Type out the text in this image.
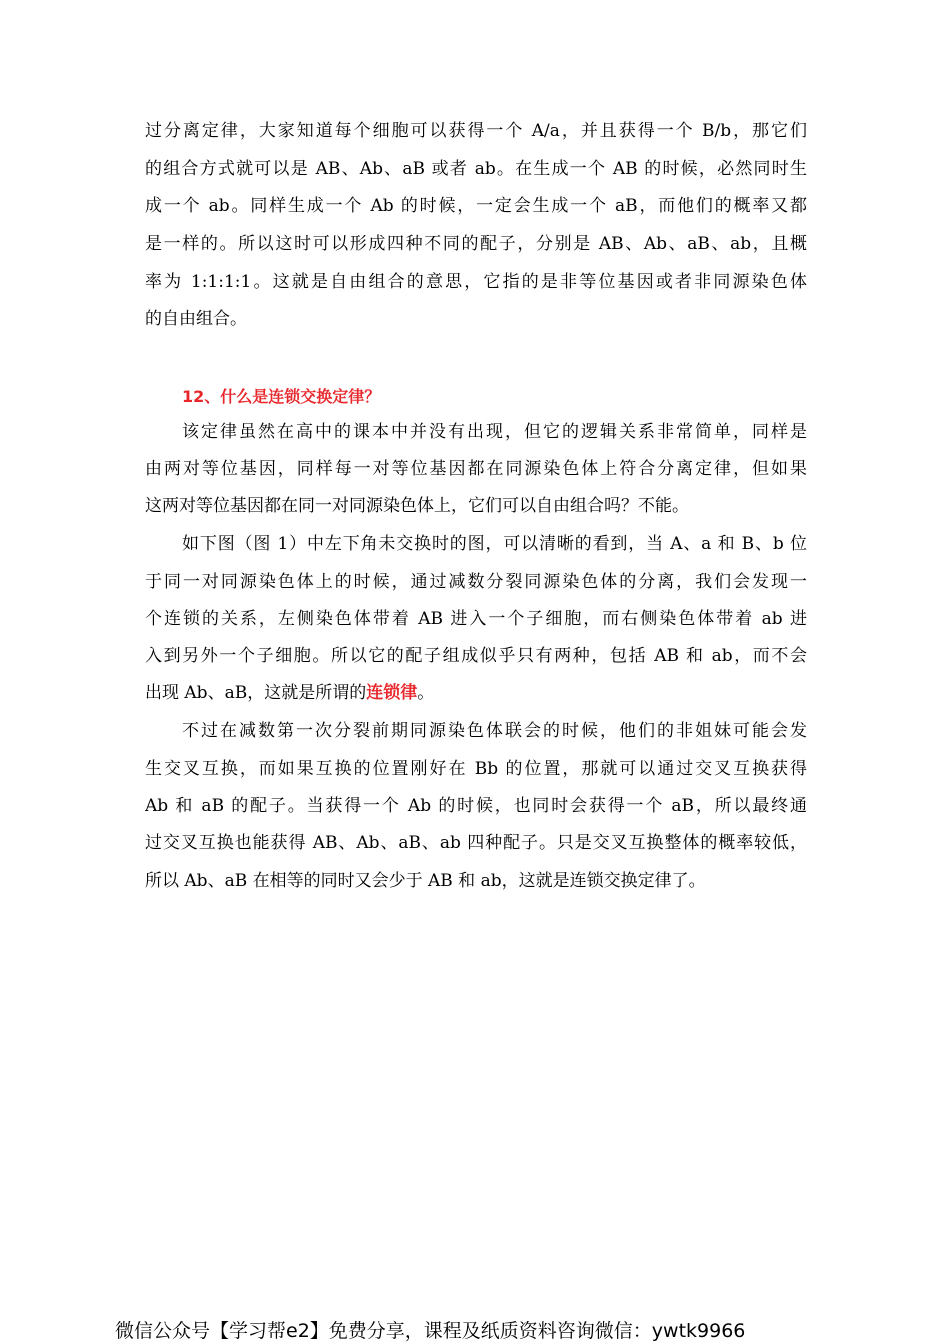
过分离定律，大家知道每个细胞可以获得一个 A/a，并且获得一个 B/b，那它们
的组合方式就可以是 AB、Ab、aB 或者 ab。在生成一个 AB 的时候，必然同时生
成一个 ab。同样生成一个 Ab 的时候，一定会生成一个 aB，而他们的概率又都
是一样的。所以这时可以形成四种不同的配子，分别是 AB、Ab、aB、ab，且概
率为 1:1:1:1。这就是自由组合的意思，它指的是非等位基因或者非同源染色体
的自由组合。
12、什么是连锁交换定律？
该定律虽然在高中的课本中并没有出现，但它的逻辑关系非常简单，同样是
由两对等位基因，同样每一对等位基因都在同源染色体上符合分离定律，但如果
这两对等位基因都在同一对同源染色体上，它们可以自由组合吗？不能。
如下图（图 1）中左下角未交换时的图，可以清晰的看到，当 A、a 和 B、b 位
于同一对同源染色体上的时候，通过减数分裂同源染色体的分离，我们会发现一
个连锁的关系，左侧染色体带着 AB 进入一个子细胞，而右侧染色体带着 ab 进
入到另外一个子细胞。所以它的配子组成似乎只有两种，包括 AB 和 ab，而不会
出现 Ab、aB，这就是所谓的连锁律。
不过在减数第一次分裂前期同源染色体联会的时候，他们的非姐妹可能会发
生交叉互换，而如果互换的位置刚好在 Bb 的位置，那就可以通过交叉互换获得
Ab 和 aB 的配子。当获得一个 Ab 的时候，也同时会获得一个 aB，所以最终通
过交叉互换也能获得 AB、Ab、aB、ab 四种配子。只是交叉互换整体的概率较低，
所以 Ab、aB 在相等的同时又会少于 AB 和 ab，这就是连锁交换定律了。
微信公众号【学习帮e2】免费分享，课程及纸质资料咨询微信：ywtk9966
